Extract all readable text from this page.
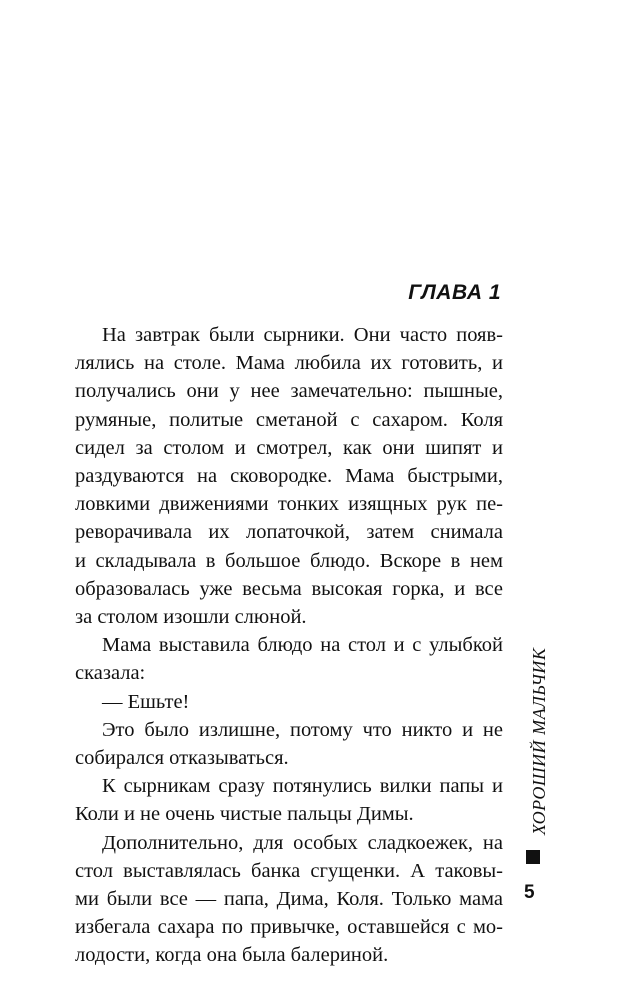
ГЛАВА 1
На завтрак были сырники. Они часто появ-
лялись на столе. Мама любила их готовить, и
получались они у нее замечательно: пышные,
румяные, политые сметаной с сахаром. Коля
сидел за столом и смотрел, как они шипят и
раздуваются на сковородке. Мама быстрыми,
ловкими движениями тонких изящных рук пе-
реворачивала их лопаточкой, затем снимала
и складывала в большое блюдо. Вскоре в нем
образовалась уже весьма высокая горка, и все
за столом изошли слюной.
Мама выставила блюдо на стол и с улыбкой
сказала:
— Ешьте!
Это было излишне, потому что никто и не
собирался отказываться.
К сырникам сразу потянулись вилки папы и
Коли и не очень чистые пальцы Димы.
Дополнительно, для особых сладкоежек, на
стол выставлялась банка сгущенки. А таковы-
ми были все — папа, Дима, Коля. Только мама
избегала сахара по привычке, оставшейся с мо-
лодости, когда она была балериной.
ХОРОШИЙ МАЛЬЧИК
5
